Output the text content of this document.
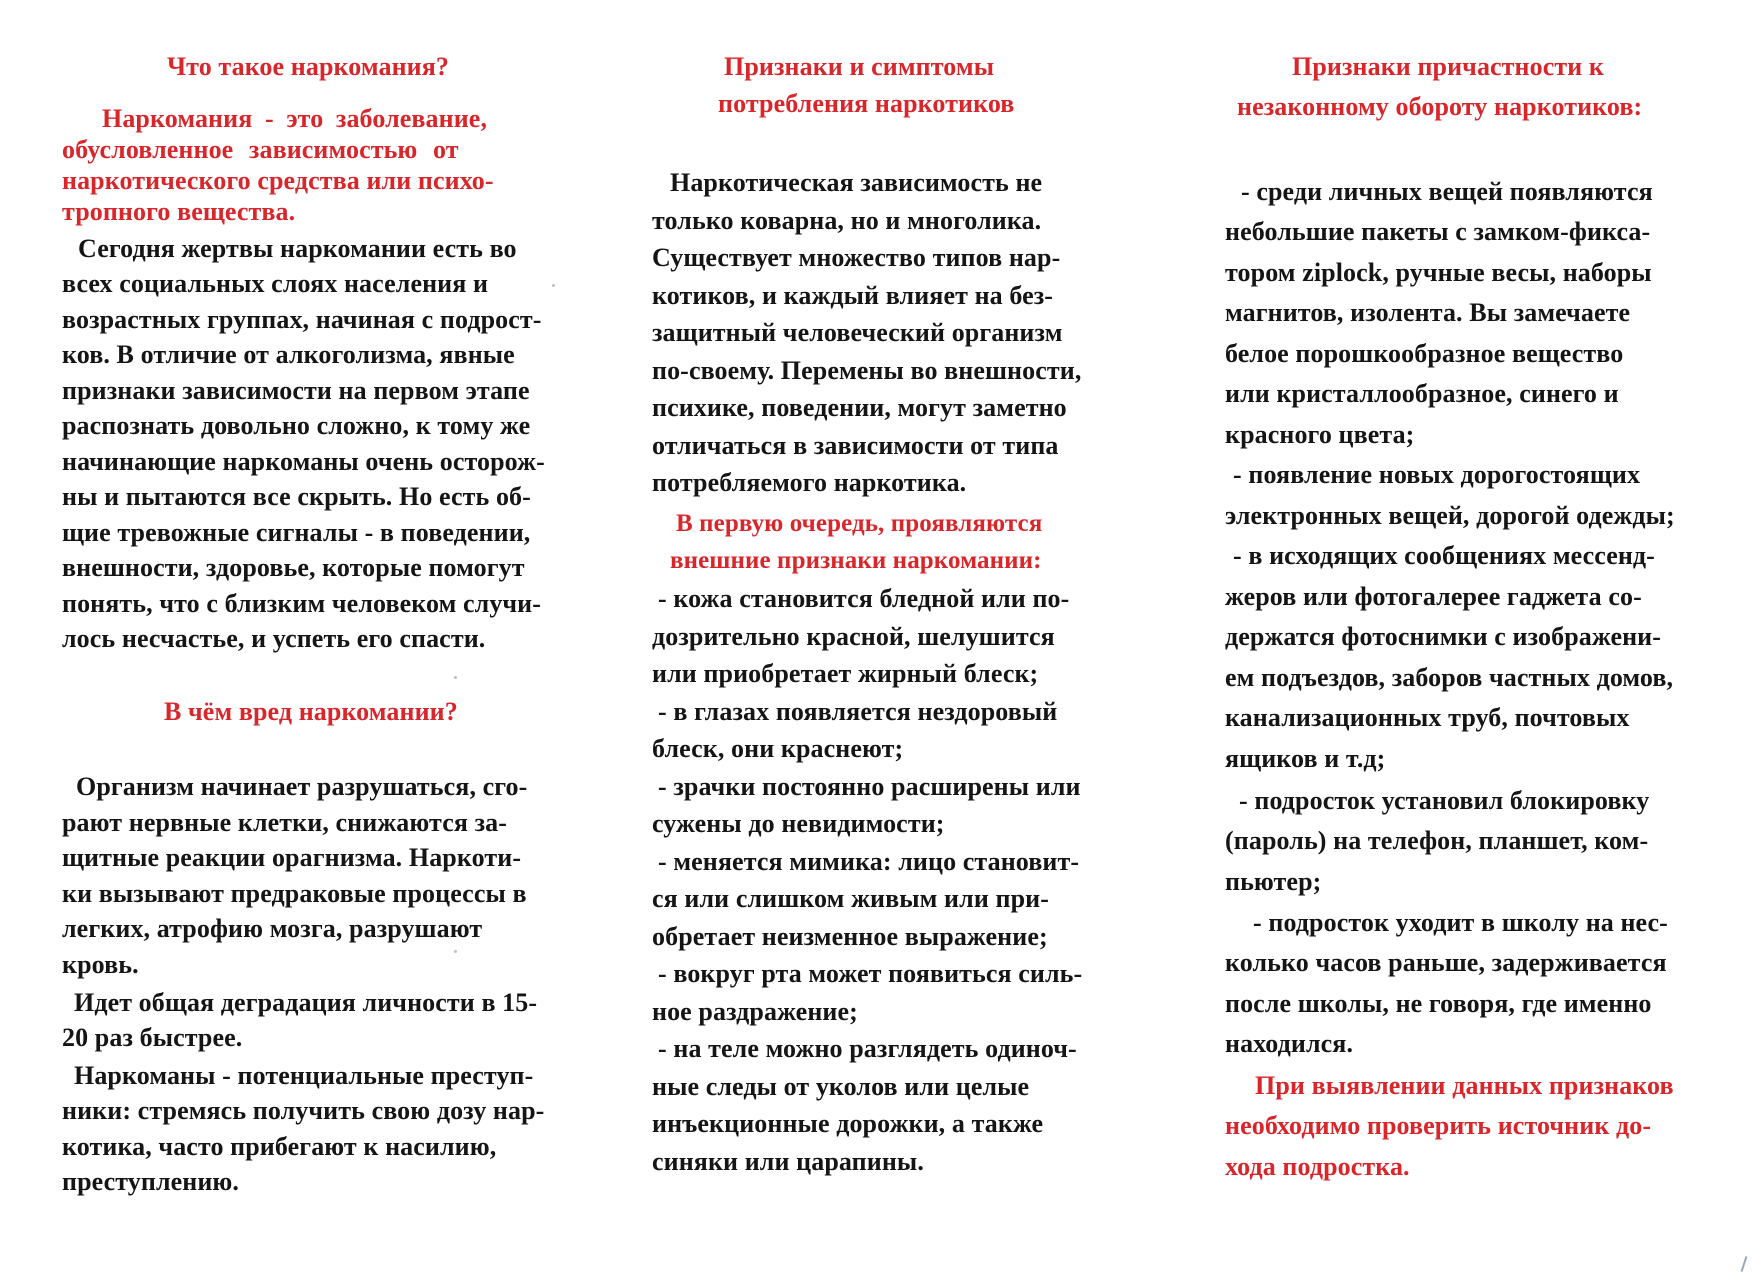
Что такое наркомания?
Наркомания - это заболевание,
обусловленное зависимостью от
наркотического средства или психо-
тропного вещества.
Сегодня жертвы наркомании есть во
всех социальных слоях населения и
возрастных группах, начиная с подрост-
ков. В отличие от алкоголизма, явные
признаки зависимости на первом этапе
распознать довольно сложно, к тому же
начинающие наркоманы очень осторож-
ны и пытаются все скрыть. Но есть об-
щие тревожные сигналы - в поведении,
внешности, здоровье, которые помогут
понять, что с близким человеком случи-
лось несчастье, и успеть его спасти.
В чём вред наркомании?
Организм начинает разрушаться, сго-
рают нервные клетки, снижаются за-
щитные реакции орагнизма. Наркоти-
ки вызывают предраковые процессы в
легких, атрофию мозга, разрушают
кровь.
Идет общая деградация личности в 15-
20 раз быстрее.
Наркоманы - потенциальные преступ-
ники: стремясь получить свою дозу нар-
котика, часто прибегают к насилию,
преступлению.
Признаки и симптомы
потребления наркотиков
Наркотическая зависимость не
только коварна, но и многолика.
Существует множество типов нар-
котиков, и каждый влияет на без-
защитный человеческий организм
по-своему. Перемены во внешности,
психике, поведении, могут заметно
отличаться в зависимости от типа
потребляемого наркотика.
В первую очередь, проявляются
внешние признаки наркомании:
- кожа становится бледной или по-
дозрительно красной, шелушится
или приобретает жирный блеск;
- в глазах появляется нездоровый
блеск, они краснеют;
- зрачки постоянно расширены или
сужены до невидимости;
- меняется мимика: лицо становит-
ся или слишком живым или при-
обретает неизменное выражение;
- вокруг рта может появиться силь-
ное раздражение;
- на теле можно разглядеть одиноч-
ные следы от уколов или целые
инъекционные дорожки, а также
синяки или царапины.
Признаки причастности к
незаконному обороту наркотиков:
- среди личных вещей появляются
небольшие пакеты с замком-фикса-
тором ziplock, ручные весы, наборы
магнитов, изолента. Вы замечаете
белое порошкообразное вещество
или кристаллообразное, синего и
красного цвета;
- появление новых дорогостоящих
электронных вещей, дорогой одежды;
- в исходящих сообщениях мессенд-
жеров или фотогалерее гаджета со-
держатся фотоснимки с изображени-
ем подъездов, заборов частных домов,
канализационных труб, почтовых
ящиков и т.д;
- подросток установил блокировку
(пароль) на телефон, планшет, ком-
пьютер;
- подросток уходит в школу на нес-
колько часов раньше, задерживается
после школы, не говоря, где именно
находился.
При выявлении данных признаков
необходимо проверить источник до-
хода подростка.
